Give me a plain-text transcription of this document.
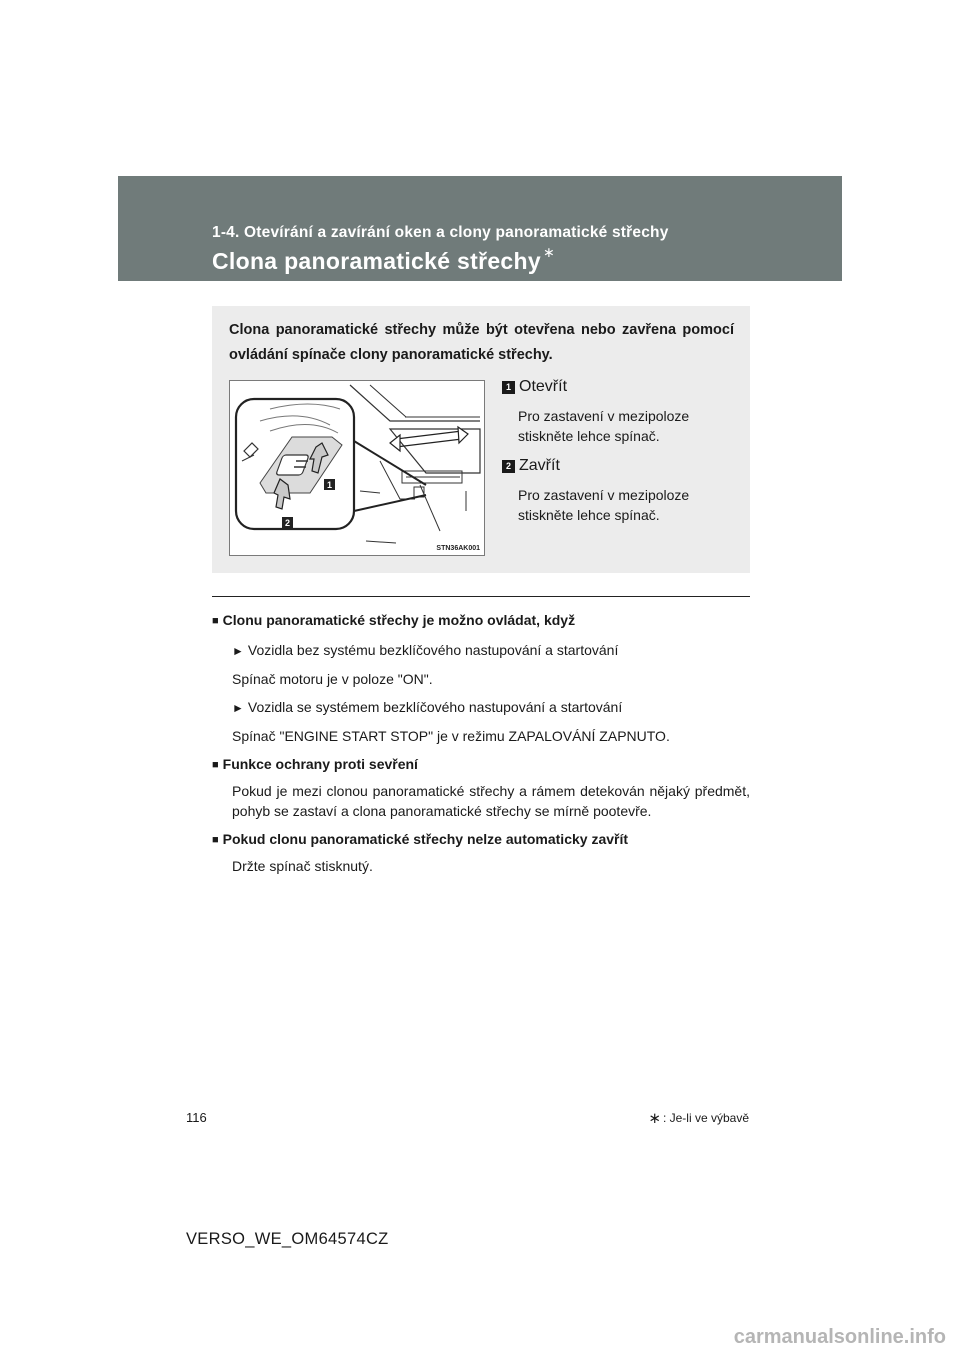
1-4. Otevírání a zavírání oken a clony panoramatické střechy

Clona panoramatické střechy ∗

Clona panoramatické střechy může být otevřena nebo zavřena pomocí ovládání spínače clony panoramatické střechy.

1
2
STN36AK001
1 Otevřít

Pro zastavení v mezipoloze stiskněte lehce spínač.

2 Zavřít

Pro zastavení v mezipoloze stiskněte lehce spínač.

■ Clonu panoramatické střechy je možno ovládat, když

► Vozidla bez systému bezklíčového nastupování a startování

Spínač motoru je v poloze "ON".

► Vozidla se systémem bezklíčového nastupování a startování

Spínač "ENGINE START STOP" je v režimu ZAPALOVÁNÍ ZAPNUTO.

■ Funkce ochrany proti sevření

Pokud je mezi clonou panoramatické střechy a rámem detekován nějaký předmět, pohyb se zastaví a clona panoramatické střechy se mírně pootevře.

■ Pokud clonu panoramatické střechy nelze automaticky zavřít

Držte spínač stisknutý.

∗ : Je-li ve výbavě
116
VERSO_WE_OM64574CZ
carmanualsonline.info
